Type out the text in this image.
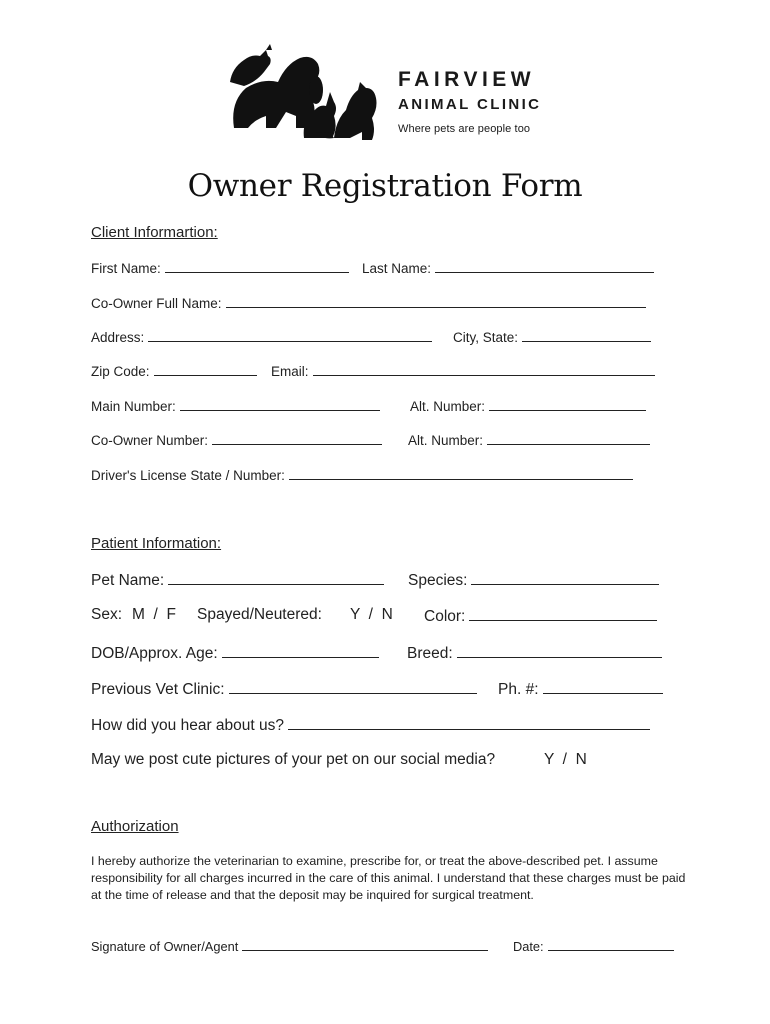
FAIRVIEW
ANIMAL CLINIC
Where pets are people too
Owner Registration Form
Client Informartion:
First Name:	Last Name:
Co-Owner Full Name:
Address:	City, State:
Zip Code:	Email:
Main Number:	Alt. Number:
Co-Owner Number:	Alt. Number:
Driver's License State / Number:
Patient Information:
Pet Name:	Species:
Sex: M  /  F Spayed/Neutered: Y  /  N Color:
DOB/Approx. Age:	Breed:
Previous Vet Clinic:	Ph. #:
How did you hear about us?
May we post cute pictures of your pet on our social media?	Y  /  N
Authorization
I hereby authorize the veterinarian to examine, prescribe for, or treat the above-described pet. I assume responsibility for all charges incurred in the care of this animal. I understand that these charges must be paid at the time of release and that the deposit may be inquired for surgical treatment.
Signature of Owner/Agent	Date:
